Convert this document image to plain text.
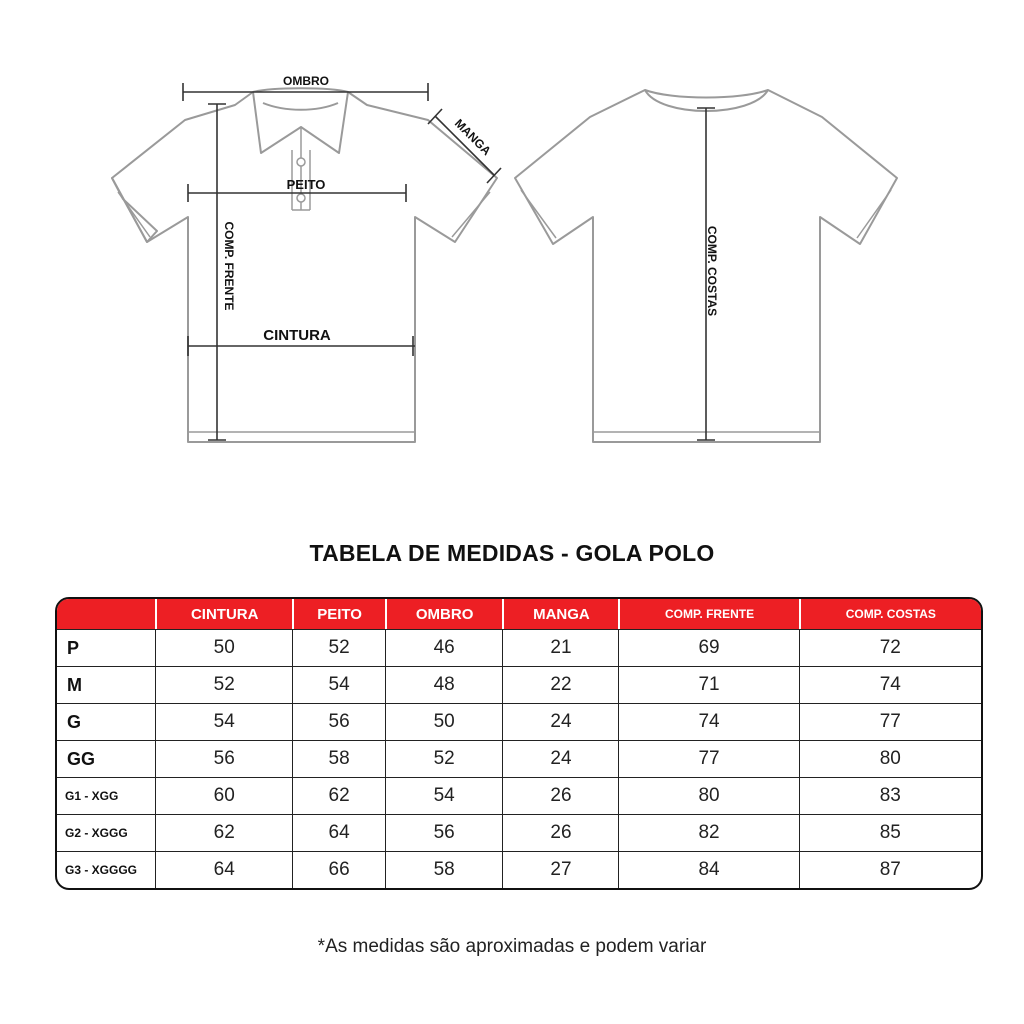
OMBRO
MANGA
PEITO
COMP. FRENTE
CINTURA
COMP. COSTAS
TABELA DE MEDIDAS - GOLA POLO
	CINTURA	PEITO	OMBRO	MANGA	COMP. FRENTE	COMP. COSTAS
P	50	52	46	21	69	72
M	52	54	48	22	71	74
G	54	56	50	24	74	77
GG	56	58	52	24	77	80
G1 - XGG	60	62	54	26	80	83
G2 - XGGG	62	64	56	26	82	85
G3 - XGGGG	64	66	58	27	84	87
*As medidas são aproximadas e podem variar
